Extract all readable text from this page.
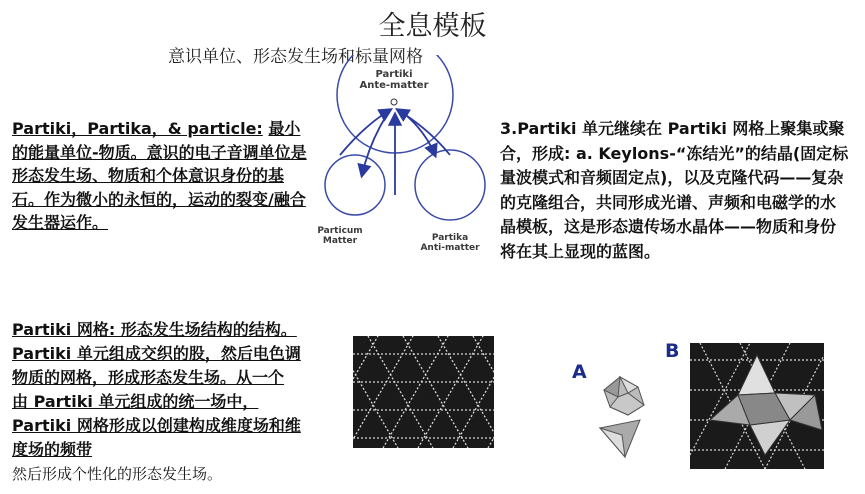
全息模板
意识单位、形态发生场和标量网格
Partiki Ante-matter
Particum Matter	Partika Anti-matter
Partiki，Partika，& particle: 最小的能量单位-物质。意识的电子音调单位是形态发生场、物质和个体意识身份的基石。作为微小的永恒的，运动的裂变/融合发生器运作。
3.Partiki 单元继续在 Partiki 网格上聚集或聚合，形成: a. Keylons-“冻结光”的结晶(固定标量波模式和音频固定点)，以及克隆代码——复杂的克隆组合，共同形成光谱、声频和电磁学的水晶模板，这是形态遗传场水晶体——物质和身份将在其上显现的蓝图。
Partiki 网格: 形态发生场结构的结构。
Partiki 单元组成交织的股，然后电色调
物质的网格，形成形态发生场。从一个
由 Partiki 单元组成的统一场中，
Partiki 网格形成以创建构成维度场和维
度场的频带
然后形成个性化的形态发生场。
A
B
